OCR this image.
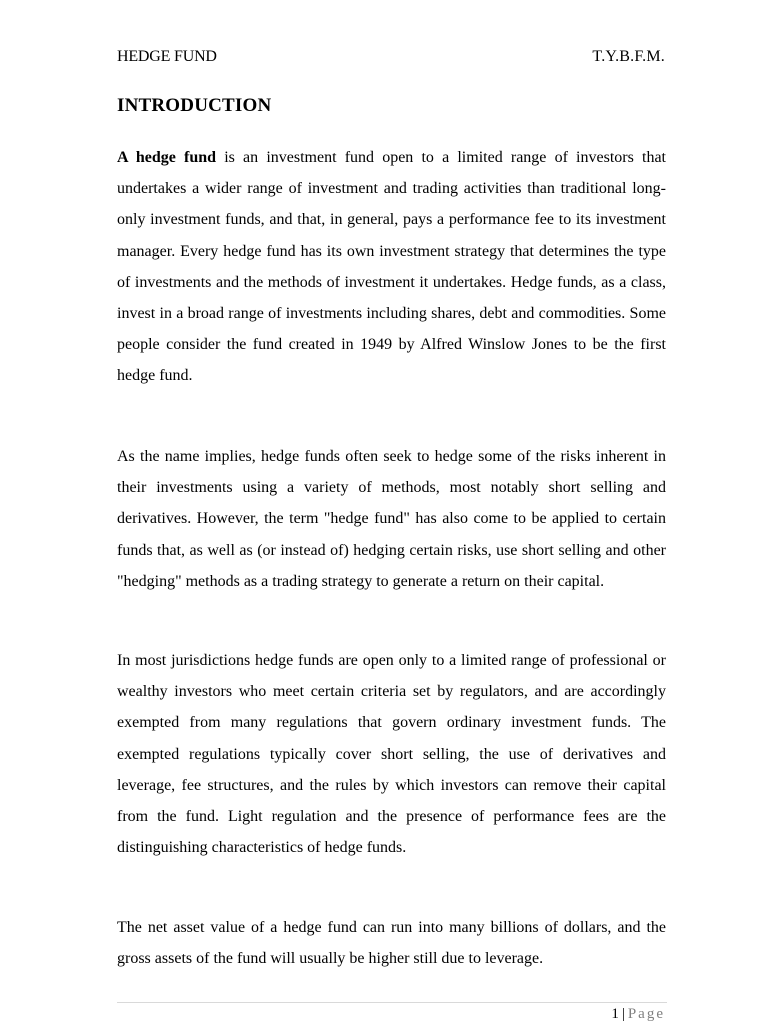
HEDGE FUND	T.Y.B.F.M.
INTRODUCTION

A hedge fund is an investment fund open to a limited range of investors that undertakes a wider range of investment and trading activities than traditional long-only investment funds, and that, in general, pays a performance fee to its investment manager. Every hedge fund has its own investment strategy that determines the type of investments and the methods of investment it undertakes. Hedge funds, as a class, invest in a broad range of investments including shares, debt and commodities. Some people consider the fund created in 1949 by Alfred Winslow Jones to be the first hedge fund.

As the name implies, hedge funds often seek to hedge some of the risks inherent in their investments using a variety of methods, most notably short selling and derivatives. However, the term "hedge fund" has also come to be applied to certain funds that, as well as (or instead of) hedging certain risks, use short selling and other "hedging" methods as a trading strategy to generate a return on their capital.

In most jurisdictions hedge funds are open only to a limited range of professional or wealthy investors who meet certain criteria set by regulators, and are accordingly exempted from many regulations that govern ordinary investment funds. The exempted regulations typically cover short selling, the use of derivatives and leverage, fee structures, and the rules by which investors can remove their capital from the fund. Light regulation and the presence of performance fees are the distinguishing characteristics of hedge funds.

The net asset value of a hedge fund can run into many billions of dollars, and the gross assets of the fund will usually be higher still due to leverage.

1 | Page
